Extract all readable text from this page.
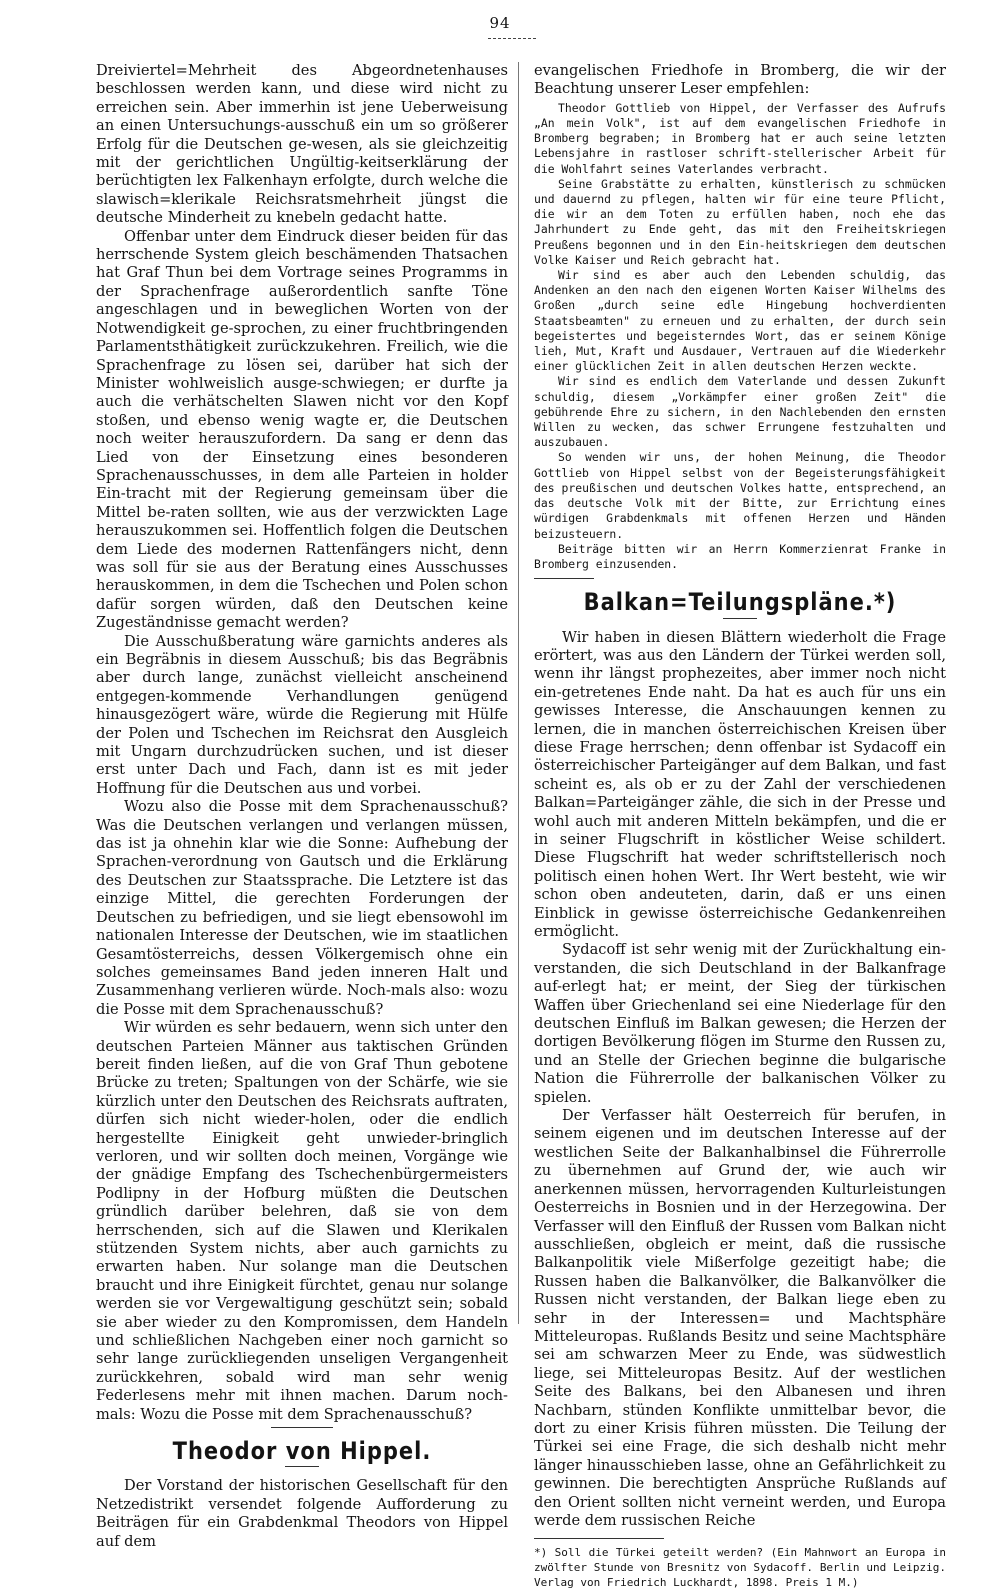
94

Dreiviertel=Mehrheit des Abgeordnetenhauses beschlossen werden kann, und diese wird nicht zu erreichen sein. Aber immerhin ist jene Ueberweisung an einen Untersuchungs-ausschuß ein um so größerer Erfolg für die Deutschen ge-wesen, als sie gleichzeitig mit der gerichtlichen Ungültig-keitserklärung der berüchtigten lex Falkenhayn erfolgte, durch welche die slawisch=klerikale Reichsratsmehrheit jüngst die deutsche Minderheit zu knebeln gedacht hatte.

Offenbar unter dem Eindruck dieser beiden für das herrschende System gleich beschämenden Thatsachen hat Graf Thun bei dem Vortrage seines Programms in der Sprachenfrage außerordentlich sanfte Töne angeschlagen und in beweglichen Worten von der Notwendigkeit ge-sprochen, zu einer fruchtbringenden Parlamentsthätigkeit zurückzukehren. Freilich, wie die Sprachenfrage zu lösen sei, darüber hat sich der Minister wohlweislich ausge-schwiegen; er durfte ja auch die verhätschelten Slawen nicht vor den Kopf stoßen, und ebenso wenig wagte er, die Deutschen noch weiter herauszufordern. Da sang er denn das Lied von der Einsetzung eines besonderen Sprachenausschusses, in dem alle Parteien in holder Ein-tracht mit der Regierung gemeinsam über die Mittel be-raten sollten, wie aus der verzwickten Lage herauszukommen sei. Hoffentlich folgen die Deutschen dem Liede des modernen Rattenfängers nicht, denn was soll für sie aus der Beratung eines Ausschusses herauskommen, in dem die Tschechen und Polen schon dafür sorgen würden, daß den Deutschen keine Zugeständnisse gemacht werden?

Die Ausschußberatung wäre garnichts anderes als ein Begräbnis in diesem Ausschuß; bis das Begräbnis aber durch lange, zunächst vielleicht anscheinend entgegen-kommende Verhandlungen genügend hinausgezögert wäre, würde die Regierung mit Hülfe der Polen und Tschechen im Reichsrat den Ausgleich mit Ungarn durchzudrücken suchen, und ist dieser erst unter Dach und Fach, dann ist es mit jeder Hoffnung für die Deutschen aus und vorbei.

Wozu also die Posse mit dem Sprachenausschuß? Was die Deutschen verlangen und verlangen müssen, das ist ja ohnehin klar wie die Sonne: Aufhebung der Sprachen-verordnung von Gautsch und die Erklärung des Deutschen zur Staatssprache. Die Letztere ist das einzige Mittel, die gerechten Forderungen der Deutschen zu befriedigen, und sie liegt ebensowohl im nationalen Interesse der Deutschen, wie im staatlichen Gesamtösterreichs, dessen Völkergemisch ohne ein solches gemeinsames Band jeden inneren Halt und Zusammenhang verlieren würde. Noch-mals also: wozu die Posse mit dem Sprachenausschuß?

Wir würden es sehr bedauern, wenn sich unter den deutschen Parteien Männer aus taktischen Gründen bereit finden ließen, auf die von Graf Thun gebotene Brücke zu treten; Spaltungen von der Schärfe, wie sie kürzlich unter den Deutschen des Reichsrats auftraten, dürfen sich nicht wieder-holen, oder die endlich hergestellte Einigkeit geht unwieder-bringlich verloren, und wir sollten doch meinen, Vorgänge wie der gnädige Empfang des Tschechenbürgermeisters Podlipny in der Hofburg müßten die Deutschen gründlich darüber belehren, daß sie von dem herrschenden, sich auf die Slawen und Klerikalen stützenden System nichts, aber auch garnichts zu erwarten haben. Nur solange man die Deutschen braucht und ihre Einigkeit fürchtet, genau nur solange werden sie vor Vergewaltigung geschützt sein; sobald sie aber wieder zu den Kompromissen, dem Handeln und schließlichen Nachgeben einer noch garnicht so sehr lange zurückliegenden unseligen Vergangenheit zurückkehren, sobald wird man sehr wenig Federlesens mehr mit ihnen machen. Darum noch-mals: Wozu die Posse mit dem Sprachenausschuß?

Theodor von Hippel.

Der Vorstand der historischen Gesellschaft für den Netzedistrikt versendet folgende Aufforderung zu Beiträgen für ein Grabdenkmal Theodors von Hippel auf dem

evangelischen Friedhofe in Bromberg, die wir der Beachtung unserer Leser empfehlen:

Theodor Gottlieb von Hippel, der Verfasser des Aufrufs „An mein Volk", ist auf dem evangelischen Friedhofe in Bromberg begraben; in Bromberg hat er auch seine letzten Lebensjahre in rastloser schrift-stellerischer Arbeit für die Wohlfahrt seines Vaterlandes verbracht.

Seine Grabstätte zu erhalten, künstlerisch zu schmücken und dauernd zu pflegen, halten wir für eine teure Pflicht, die wir an dem Toten zu erfüllen haben, noch ehe das Jahrhundert zu Ende geht, das mit den Freiheitskriegen Preußens begonnen und in den Ein-heitskriegen dem deutschen Volke Kaiser und Reich gebracht hat.

Wir sind es aber auch den Lebenden schuldig, das Andenken an den nach den eigenen Worten Kaiser Wilhelms des Großen „durch seine edle Hingebung hochverdienten Staatsbeamten" zu erneuen und zu erhalten, der durch sein begeistertes und begeisterndes Wort, das er seinem Könige lieh, Mut, Kraft und Ausdauer, Vertrauen auf die Wiederkehr einer glücklichen Zeit in allen deutschen Herzen weckte.

Wir sind es endlich dem Vaterlande und dessen Zukunft schuldig, diesem „Vorkämpfer einer großen Zeit" die gebührende Ehre zu sichern, in den Nachlebenden den ernsten Willen zu wecken, das schwer Errungene festzuhalten und auszubauen.

So wenden wir uns, der hohen Meinung, die Theodor Gottlieb von Hippel selbst von der Begeisterungsfähigkeit des preußischen und deutschen Volkes hatte, entsprechend, an das deutsche Volk mit der Bitte, zur Errichtung eines würdigen Grabdenkmals mit offenen Herzen und Händen beizusteuern.

Beiträge bitten wir an Herrn Kommerzienrat Franke in Bromberg einzusenden.

Balkan=Teilungspläne.*)

Wir haben in diesen Blättern wiederholt die Frage erörtert, was aus den Ländern der Türkei werden soll, wenn ihr längst prophezeites, aber immer noch nicht ein-getretenes Ende naht. Da hat es auch für uns ein gewisses Interesse, die Anschauungen kennen zu lernen, die in manchen österreichischen Kreisen über diese Frage herrschen; denn offenbar ist Sydacoff ein österreichischer Parteigänger auf dem Balkan, und fast scheint es, als ob er zu der Zahl der verschiedenen Balkan=Parteigänger zähle, die sich in der Presse und wohl auch mit anderen Mitteln bekämpfen, und die er in seiner Flugschrift in köstlicher Weise schildert. Diese Flugschrift hat weder schriftstellerisch noch politisch einen hohen Wert. Ihr Wert besteht, wie wir schon oben andeuteten, darin, daß er uns einen Einblick in gewisse österreichische Gedankenreihen ermöglicht.

Sydacoff ist sehr wenig mit der Zurückhaltung ein-verstanden, die sich Deutschland in der Balkanfrage auf-erlegt hat; er meint, der Sieg der türkischen Waffen über Griechenland sei eine Niederlage für den deutschen Einfluß im Balkan gewesen; die Herzen der dortigen Bevölkerung flögen im Sturme den Russen zu, und an Stelle der Griechen beginne die bulgarische Nation die Führerrolle der balkanischen Völker zu spielen.

Der Verfasser hält Oesterreich für berufen, in seinem eigenen und im deutschen Interesse auf der westlichen Seite der Balkanhalbinsel die Führerrolle zu übernehmen auf Grund der, wie auch wir anerkennen müssen, hervorragenden Kulturleistungen Oesterreichs in Bosnien und in der Herzegowina. Der Verfasser will den Einfluß der Russen vom Balkan nicht ausschließen, obgleich er meint, daß die russische Balkanpolitik viele Mißerfolge gezeitigt habe; die Russen haben die Balkanvölker, die Balkanvölker die Russen nicht verstanden, der Balkan liege eben zu sehr in der Interessen= und Machtsphäre Mitteleuropas. Rußlands Besitz und seine Machtsphäre sei am schwarzen Meer zu Ende, was südwestlich liege, sei Mitteleuropas Besitz. Auf der westlichen Seite des Balkans, bei den Albanesen und ihren Nachbarn, stünden Konflikte unmittelbar bevor, die dort zu einer Krisis führen müssten. Die Teilung der Türkei sei eine Frage, die sich deshalb nicht mehr länger hinausschieben lasse, ohne an Gefährlichkeit zu gewinnen. Die berechtigten Ansprüche Rußlands auf den Orient sollten nicht verneint werden, und Europa werde dem russischen Reiche

*) Soll die Türkei geteilt werden? (Ein Mahnwort an Europa in zwölfter Stunde von Bresnitz von Sydacoff. Berlin und Leipzig. Verlag von Friedrich Luckhardt, 1898. Preis 1 M.)
